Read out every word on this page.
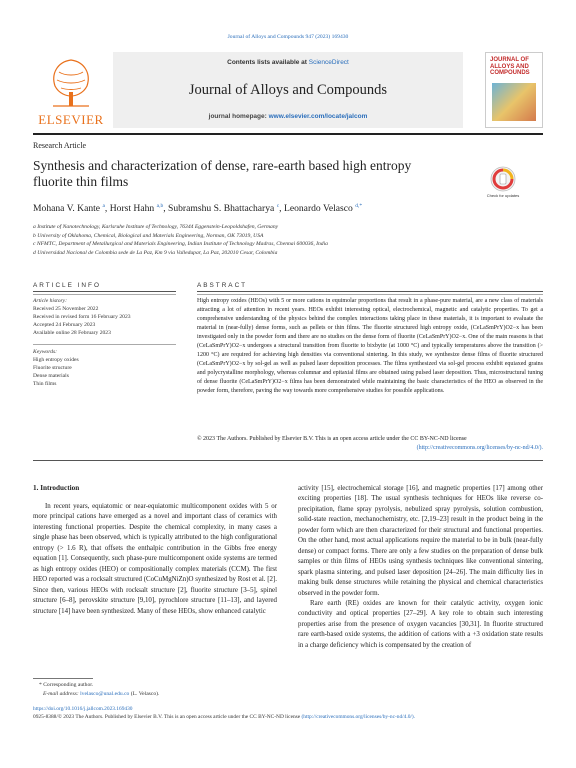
Journal of Alloys and Compounds 947 (2023) 169430
ELSEVIER
Contents lists available at ScienceDirect
Journal of Alloys and Compounds
journal homepage: www.elsevier.com/locate/jalcom
JOURNAL OF ALLOYS AND COMPOUNDS
Research Article
Synthesis and characterization of dense, rare-earth based high entropy fluorite thin films
Check for updates
Mohana V. Kante $^a$, Horst Hahn $^{a,b}$, Subramshu S. Bhattacharya $^c$, Leonardo Velasco $^{d,*}$
a Institute of Nanotechnology, Karlsruhe Institute of Technology, 76344 Eggenstein-Leopoldshafen, Germany
b University of Oklahoma, Chemical, Biological and Materials Engineering, Norman, OK 73019, USA
c NFMTC, Department of Metallurgical and Materials Engineering, Indian Institute of Technology Madras, Chennai 600036, India
d Universidad Nacional de Colombia sede de La Paz, Km 9 via Valledupar, La Paz, 202010 Cesar, Colombia
ARTICLE INFO	ABSTRACT
Article history:
Received 25 November 2022
Received in revised form 16 February 2023
Accepted 24 February 2023
Available online 28 February 2023
Keywords:
High entropy oxides
Fluorite structure
Dense materials
Thin films
High entropy oxides (HEOs) with 5 or more cations in equimolar proportions that result in a phase-pure material, are a new class of materials attracting a lot of attention in recent years. HEOs exhibit interesting optical, electrochemical, magnetic and catalytic properties. To get a comprehensive understanding of the physics behind the complex interactions taking place in these materials, it is important to evaluate the material in (near-fully) dense forms, such as pellets or thin films. The fluorite structured high entropy oxide, (CeLaSmPrY)O2−x has been investigated only in the powder form and there are no studies on the dense form of fluorite (CeLaSmPrY)O2−x. One of the main reasons is that (CeLaSmPrY)O2−x undergoes a structural transition from fluorite to bixbyite (at 1000 °C) and typically temperatures above the transition (> 1200 °C) are required for achieving high densities via conventional sintering. In this study, we synthesize dense films of fluorite structured (CeLaSmPrY)O2−x by sol-gel as well as pulsed laser deposition processes. The films synthesized via sol-gel process exhibit equiaxed grains and polycrystalline morphology, whereas columnar and epitaxial films are obtained using pulsed laser deposition. Thus, microstructural tuning of dense fluorite (CeLaSmPrY)O2−x films has been demonstrated while maintaining the basic characteristics of the HEO as observed in the powder form, therefore, paving the way towards more comprehensive studies for possible applications.
© 2023 The Authors. Published by Elsevier B.V. This is an open access article under the CC BY-NC-ND license
(http://creativecommons.org/licenses/by-nc-nd/4.0/).
1. Introduction

In recent years, equiatomic or near-equiatomic multicomponent oxides with 5 or more principal cations have emerged as a novel and important class of ceramics with interesting functional properties. Despite the chemical complexity, in many cases a single phase has been observed, which is typically attributed to the high configurational entropy (> 1.6 R), that offsets the enthalpic contribution in the Gibbs free energy equation [1]. Consequently, such phase-pure multicomponent oxide systems are termed as high entropy oxides (HEO) or compositionally complex materials (CCM). The first HEO reported was a rocksalt structured (CoCuMgNiZn)O synthesized by Rost et al. [2]. Since then, various HEOs with rocksalt structure [2], fluorite structure [3–5], spinel structure [6–8], perovskite structure [9,10], pyrochlore structure [11–13], and layered structure [14] have been synthesized. Many of these HEOs, show enhanced catalytic

activity [15], electrochemical storage [16], and magnetic properties [17] among other exciting properties [18]. The usual synthesis techniques for HEOs like reverse co-precipitation, flame spray pyrolysis, nebulized spray pyrolysis, solution combustion, solid-state reaction, mechanochemistry, etc. [2,19–23] result in the product being in the powder form which are then characterized for their structural and functional properties. On the other hand, most actual applications require the material to be in bulk (near-fully dense) or compact forms. There are only a few studies on the preparation of dense bulk samples or thin films of HEOs using synthesis techniques like conventional sintering, spark plasma sintering, and pulsed laser deposition [24–26]. The main difficulty lies in making bulk dense structures while retaining the physical and chemical characteristics observed in the powder form.

Rare earth (RE) oxides are known for their catalytic activity, oxygen ionic conductivity and optical properties [27–29]. A key role to obtain such interesting properties arise from the presence of oxygen vacancies [30,31]. In fluorite structured rare earth-based oxide systems, the addition of cations with a +3 oxidation state results in a charge deficiency which is compensated by the creation of

* Corresponding author.
E-mail address: lvelasco@unal.edu.co (L. Velasco).
https://doi.org/10.1016/j.jallcom.2023.169430
0925-8388/© 2023 The Authors. Published by Elsevier B.V. This is an open access article under the CC BY-NC-ND license (http://creativecommons.org/licenses/by-nc-nd/4.0/).
